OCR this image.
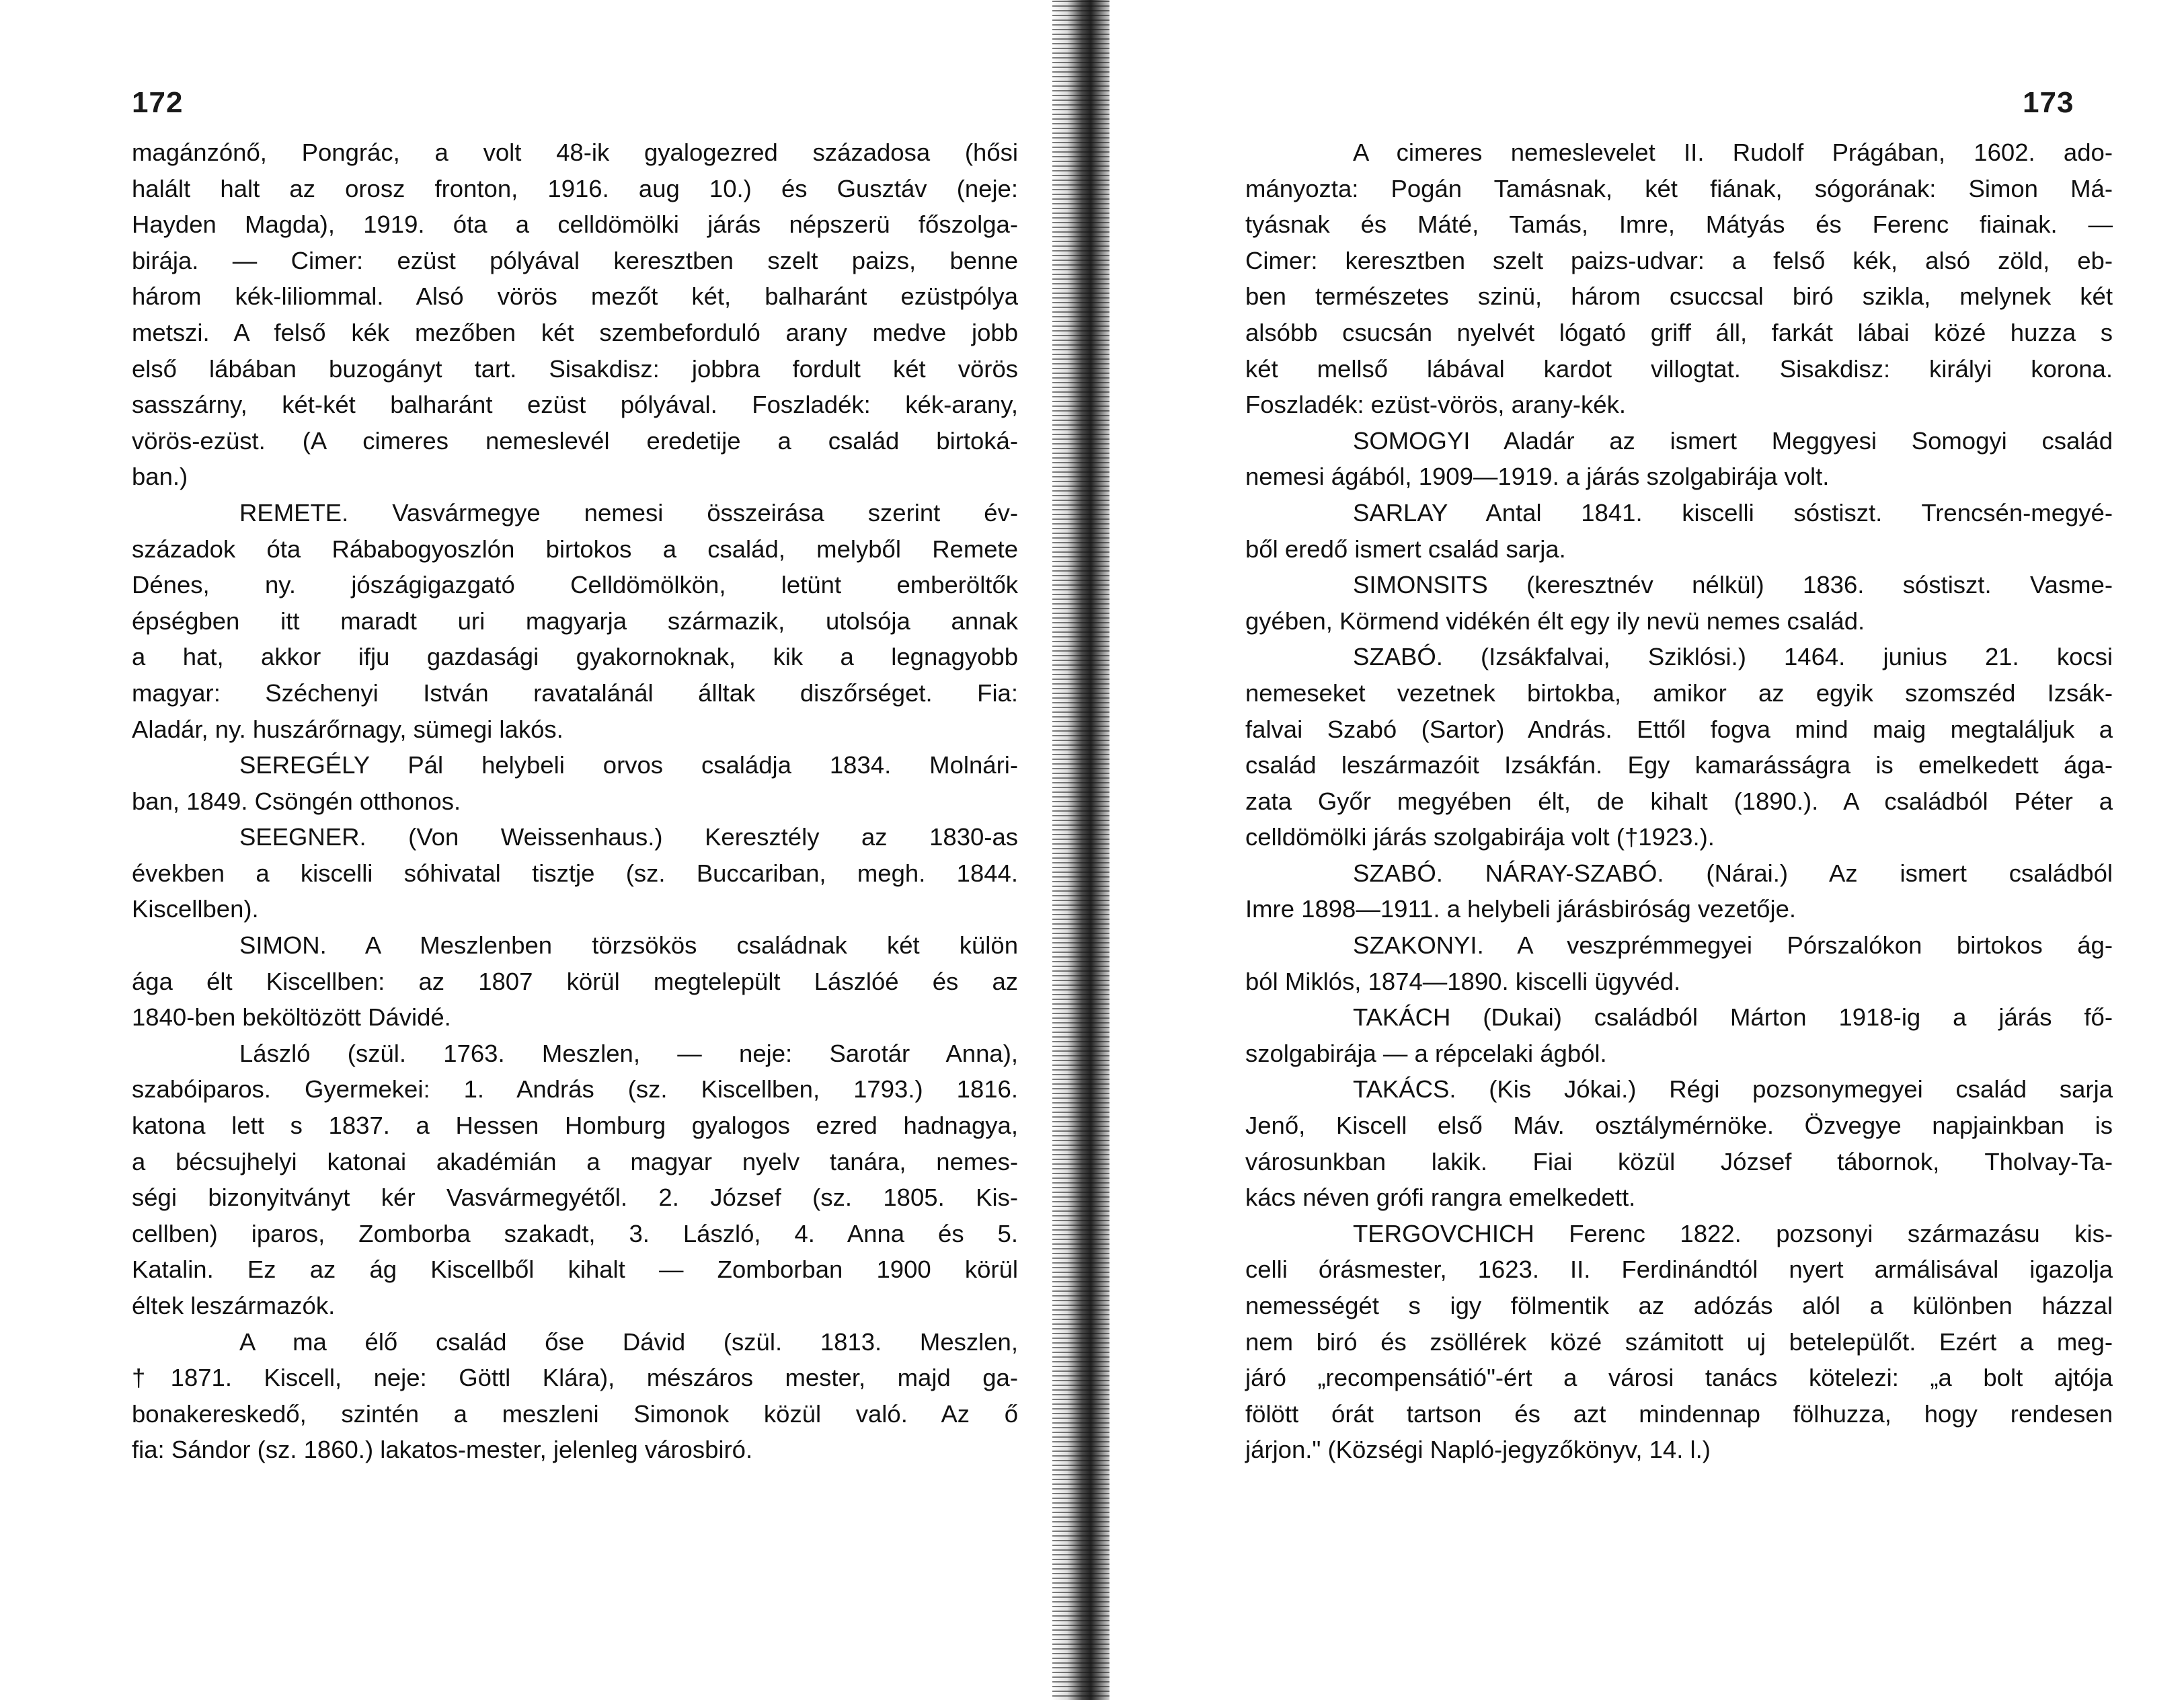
172
magánzónő, Pongrác, a volt 48-ik gyalogezred századosa (hősi
halált halt az orosz fronton, 1916. aug 10.) és Gusztáv (neje:
Hayden Magda), 1919. óta a celldömölki járás népszerü főszolga-
birája. — Cimer: ezüst pólyával keresztben szelt paizs, benne
három kék-liliommal. Alsó vörös mezőt két, balharánt ezüstpólya
metszi. A felső kék mezőben két szembeforduló arany medve jobb
első lábában buzogányt tart. Sisakdisz: jobbra fordult két vörös
sasszárny, két-két balharánt ezüst pólyával. Foszladék: kék-arany,
vörös-ezüst. (A cimeres nemeslevél eredetije a család birtoká-
ban.)
REMETE. Vasvármegye nemesi összeirása szerint év-
századok óta Rábabogyoszlón birtokos a család, melyből Remete
Dénes, ny. jószágigazgató Celldömölkön, letünt emberöltők
épségben itt maradt uri magyarja származik, utolsója annak
a hat, akkor ifju gazdasági gyakornoknak, kik a legnagyobb
magyar: Széchenyi István ravatalánál álltak diszőrséget. Fia:
Aladár, ny. huszárőrnagy, sümegi lakós.
SEREGÉLY Pál helybeli orvos családja 1834. Molnári-
ban, 1849. Csöngén otthonos.
SEEGNER. (Von Weissenhaus.) Keresztély az 1830-as
években a kiscelli sóhivatal tisztje (sz. Buccariban, megh. 1844.
Kiscellben).
SIMON. A Meszlenben törzsökös családnak két külön
ága élt Kiscellben: az 1807 körül megtelepült Lászlóé és az
1840-ben beköltözött Dávidé.
László (szül. 1763. Meszlen, — neje: Sarotár Anna),
szabóiparos. Gyermekei: 1. András (sz. Kiscellben, 1793.) 1816.
katona lett s 1837. a Hessen Homburg gyalogos ezred hadnagya,
a bécsujhelyi katonai akadémián a magyar nyelv tanára, nemes-
ségi bizonyitványt kér Vasvármegyétől. 2. József (sz. 1805. Kis-
cellben) iparos, Zomborba szakadt, 3. László, 4. Anna és 5.
Katalin. Ez az ág Kiscellből kihalt — Zomborban 1900 körül
éltek leszármazók.
A ma élő család őse Dávid (szül. 1813. Meszlen,
†1871. Kiscell, neje: Göttl Klára), mészáros mester, majd ga-
bonakereskedő, szintén a meszleni Simonok közül való. Az ő
fia: Sándor (sz. 1860.) lakatos-mester, jelenleg városbiró.
173
A cimeres nemeslevelet II. Rudolf Prágában, 1602. ado-
mányozta: Pogán Tamásnak, két fiának, sógorának: Simon Má-
tyásnak és Máté, Tamás, Imre, Mátyás és Ferenc fiainak. —
Cimer: keresztben szelt paizs-udvar: a felső kék, alsó zöld, eb-
ben természetes szinü, három csuccsal biró szikla, melynek két
alsóbb csucsán nyelvét lógató griff áll, farkát lábai közé huzza s
két mellső lábával kardot villogtat. Sisakdisz: királyi korona.
Foszladék: ezüst-vörös, arany-kék.
SOMOGYI Aladár az ismert Meggyesi Somogyi család
nemesi ágából, 1909—1919. a járás szolgabirája volt.
SARLAY Antal 1841. kiscelli sóstiszt. Trencsén-megyé-
ből eredő ismert család sarja.
SIMONSITS (keresztnév nélkül) 1836. sóstiszt. Vasme-
gyében, Körmend vidékén élt egy ily nevü nemes család.
SZABÓ. (Izsákfalvai, Sziklósi.) 1464. junius 21. kocsi
nemeseket vezetnek birtokba, amikor az egyik szomszéd Izsák-
falvai Szabó (Sartor) András. Ettől fogva mind maig megtaláljuk a
család leszármazóit Izsákfán. Egy kamarásságra is emelkedett ága-
zata Győr megyében élt, de kihalt (1890.). A családból Péter a
celldömölki járás szolgabirája volt (†1923.).
SZABÓ. NÁRAY-SZABÓ. (Nárai.) Az ismert családból
Imre 1898—1911. a helybeli járásbiróság vezetője.
SZAKONYI. A veszprémmegyei Pórszalókon birtokos ág-
ból Miklós, 1874—1890. kiscelli ügyvéd.
TAKÁCH (Dukai) családból Márton 1918-ig a járás fő-
szolgabirája — a répcelaki ágból.
TAKÁCS. (Kis Jókai.) Régi pozsonymegyei család sarja
Jenő, Kiscell első Máv. osztálymérnöke. Özvegye napjainkban is
városunkban lakik. Fiai közül József tábornok, Tholvay-Ta-
kács néven grófi rangra emelkedett.
TERGOVCHICH Ferenc 1822. pozsonyi származásu kis-
celli órásmester, 1623. II. Ferdinándtól nyert armálisával igazolja
nemességét s igy fölmentik az adózás alól a különben házzal
nem biró és zsöllérek közé számitott uj betelepülőt. Ezért a meg-
járó „recompensátió"-ért a városi tanács kötelezi: „a bolt ajtója
fölött órát tartson és azt mindennap fölhuzza, hogy rendesen
járjon." (Községi Napló-jegyzőkönyv, 14. l.)
